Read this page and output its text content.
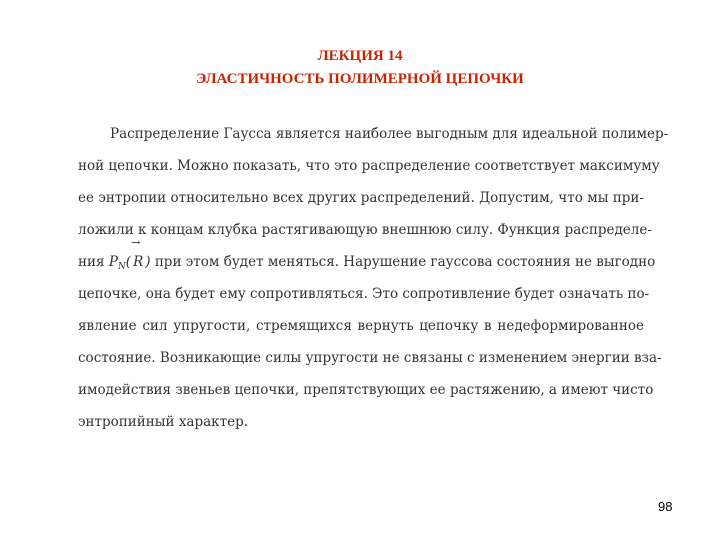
ЛЕКЦИЯ 14
ЭЛАСТИЧНОСТЬ ПОЛИМЕРНОЙ ЦЕПОЧКИ
Распределение Гаусса является наиболее выгодным для идеальной полимер-
ной цепочки. Можно показать, что это распределение соответствует максимуму
ее энтропии относительно всех других распределений. Допустим, что мы при-
ложили к концам клубка растягивающую внешнюю силу. Функция распределе-
ния $P_N$(
→
R ) при этом будет меняться. Нарушение гауссова состояния не выгодно
цепочке, она будет ему сопротивляться. Это сопротивление будет означать по-
явление сил упругости, стремящихся вернуть цепочку в недеформированное
состояние. Возникающие силы упругости не связаны с изменением энергии вза-
имодействия звеньев цепочки, препятствующих ее растяжению, а имеют чисто
энтропийный характер.
98
